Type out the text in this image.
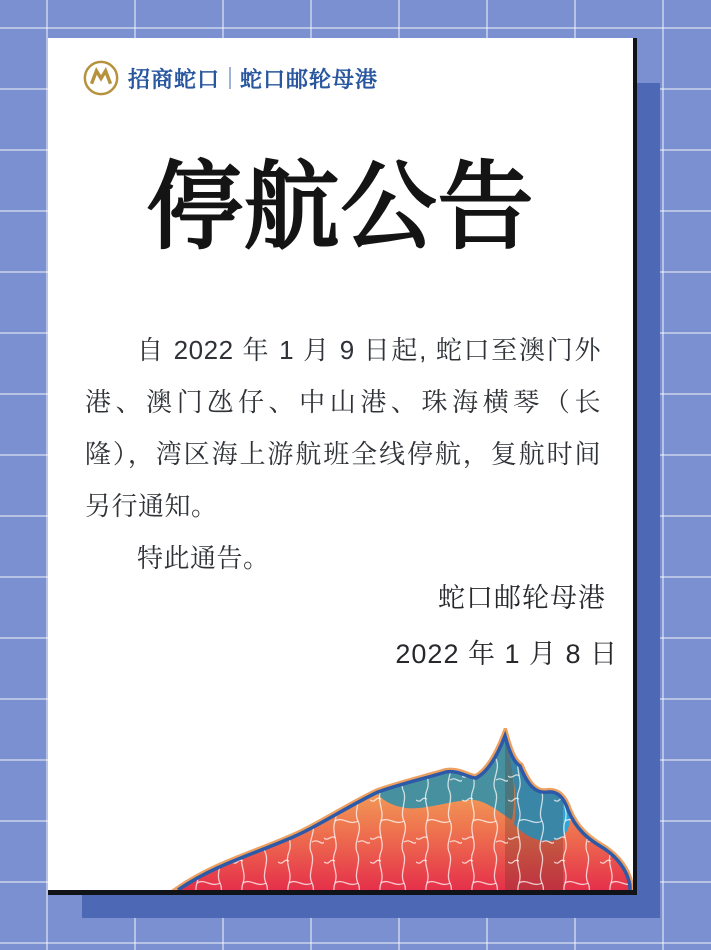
招商蛇口 蛇口邮轮母港
停航公告

自 2022 年 1 月 9 日起, 蛇口至澳门外港、澳门氹仔、中山港、珠海横琴（长隆），湾区海上游航班全线停航，复航时间另行通知。

特此通告。

蛇口邮轮母港
2022 年 1 月 8 日
